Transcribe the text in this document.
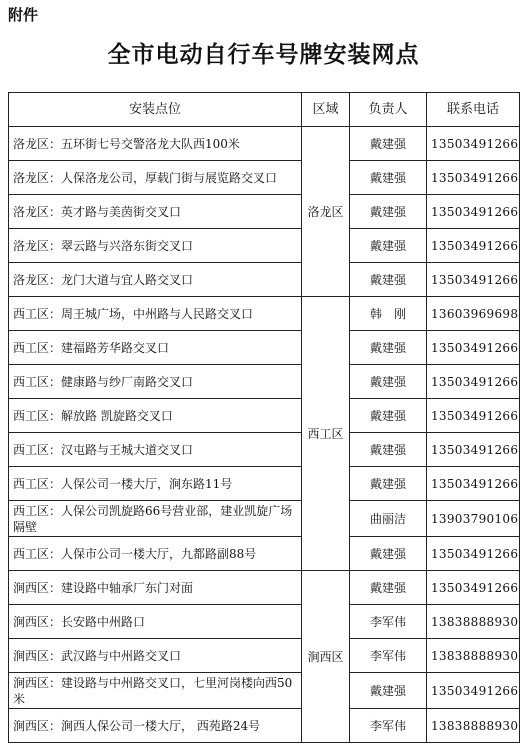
附件
全市电动自行车号牌安装网点
安装点位	区域	负责人	联系电话
洛龙区：五环街七号交警洛龙大队西100米	洛龙区	戴建强	13503491266
洛龙区：人保洛龙公司，厚载门街与展览路交叉口		戴建强	13503491266
洛龙区：英才路与美茵街交叉口		戴建强	13503491266
洛龙区：翠云路与兴洛东街交叉口		戴建强	13503491266
洛龙区：龙门大道与宜人路交叉口		戴建强	13503491266
西工区：周王城广场，中州路与人民路交叉口	西工区	韩　刚	13603969698
西工区：建福路芳华路交叉口		戴建强	13503491266
西工区：健康路与纱厂南路交叉口		戴建强	13503491266
西工区：解放路 凯旋路交叉口		戴建强	13503491266
西工区：汉屯路与王城大道交叉口		戴建强	13503491266
西工区：人保公司一楼大厅，涧东路11号		戴建强	13503491266
西工区：人保公司凯旋路66号营业部，建业凯旋广场隔壁		曲丽洁	13903790106
西工区：人保市公司一楼大厅，九都路副88号		戴建强	13503491266
涧西区：建设路中轴承厂东门对面	涧西区	戴建强	13503491266
涧西区：长安路中州路口		李军伟	13838888930
涧西区：武汉路与中州路交叉口		李军伟	13838888930
涧西区：建设路与中州路交叉口，七里河岗楼向西50米		戴建强	13503491266
涧西区：涧西人保公司一楼大厅， 西苑路24号		李军伟	13838888930
